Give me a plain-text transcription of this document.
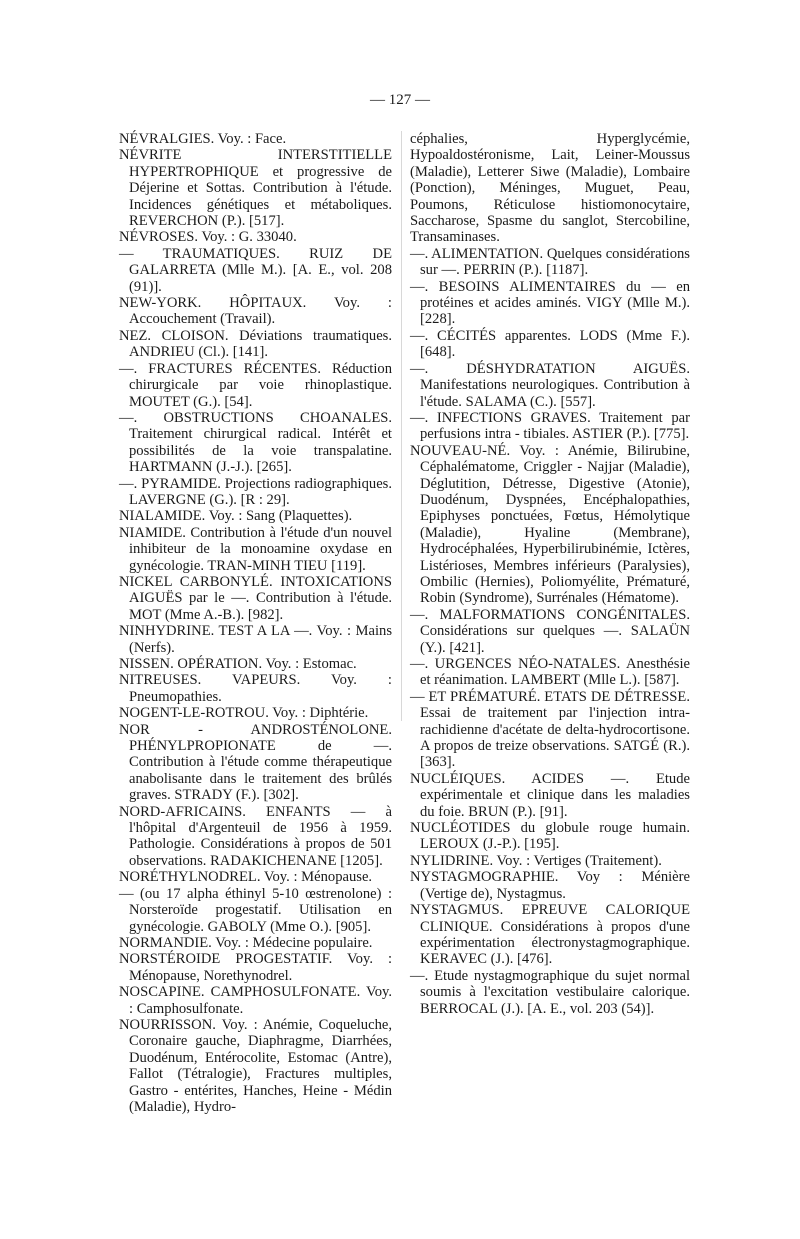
— 127 —

NÉVRALGIES. Voy. : Face.

NÉVRITE INTERSTITIELLE HYPERTROPHIQUE et progressive de Déjerine et Sottas. Contribution à l'étude. Incidences génétiques et métaboliques. REVERCHON (P.). [517].

NÉVROSES. Voy. : G. 33040.

— TRAUMATIQUES. RUIZ DE GALARRETA (Mlle M.). [A. E., vol. 208 (91)].

NEW-YORK. HÔPITAUX. Voy. : Accouchement (Travail).

NEZ. CLOISON. Déviations traumatiques. ANDRIEU (Cl.). [141].

—. FRACTURES RÉCENTES. Réduction chirurgicale par voie rhinoplastique. MOUTET (G.). [54].

—. OBSTRUCTIONS CHOANALES. Traitement chirurgical radical. Intérêt et possibilités de la voie transpalatine. HARTMANN (J.-J.). [265].

—. PYRAMIDE. Projections radiographiques. LAVERGNE (G.). [R : 29].

NIALAMIDE. Voy. : Sang (Plaquettes).

NIAMIDE. Contribution à l'étude d'un nouvel inhibiteur de la monoamine oxydase en gynécologie. TRAN-MINH TIEU [119].

NICKEL CARBONYLÉ. INTOXICATIONS AIGUËS par le —. Contribution à l'étude. MOT (Mme A.-B.). [982].

NINHYDRINE. TEST A LA —. Voy. : Mains (Nerfs).

NISSEN. OPÉRATION. Voy. : Estomac.

NITREUSES. VAPEURS. Voy. : Pneumopathies.

NOGENT-LE-ROTROU. Voy. : Diphtérie.

NOR - ANDROSTÉNOLONE. PHÉNYLPROPIONATE de —. Contribution à l'étude comme thérapeutique anabolisante dans le traitement des brûlés graves. STRADY (F.). [302].

NORD-AFRICAINS. ENFANTS — à l'hôpital d'Argenteuil de 1956 à 1959. Pathologie. Considérations à propos de 501 observations. RADAKICHENANE [1205].

NORÉTHYLNODREL. Voy. : Ménopause.

— (ou 17 alpha éthinyl 5-10 œstrenolone) : Norsteroïde progestatif. Utilisation en gynécologie. GABOLY (Mme O.). [905].

NORMANDIE. Voy. : Médecine populaire.

NORSTÉROIDE PROGESTATIF. Voy. : Ménopause, Norethynodrel.

NOSCAPINE. CAMPHOSULFONATE. Voy. : Camphosulfonate.

NOURRISSON. Voy. : Anémie, Coqueluche, Coronaire gauche, Diaphragme, Diarrhées, Duodénum, Entérocolite, Estomac (Antre), Fallot (Tétralogie), Fractures multiples, Gastro - entérites, Hanches, Heine - Médin (Maladie), Hydro-

céphalies, Hyperglycémie, Hypoaldostéronisme, Lait, Leiner-Moussus (Maladie), Letterer Siwe (Maladie), Lombaire (Ponction), Méninges, Muguet, Peau, Poumons, Réticulose histiomonocytaire, Saccharose, Spasme du sanglot, Stercobiline, Transaminases.

—. ALIMENTATION. Quelques considérations sur —. PERRIN (P.). [1187].

—. BESOINS ALIMENTAIRES du — en protéines et acides aminés. VIGY (Mlle M.). [228].

—. CÉCITÉS apparentes. LODS (Mme F.). [648].

—. DÉSHYDRATATION AIGUËS. Manifestations neurologiques. Contribution à l'étude. SALAMA (C.). [557].

—. INFECTIONS GRAVES. Traitement par perfusions intra - tibiales. ASTIER (P.). [775].

NOUVEAU-NÉ. Voy. : Anémie, Bilirubine, Céphalématome, Criggler - Najjar (Maladie), Déglutition, Détresse, Digestive (Atonie), Duodénum, Dyspnées, Encéphalopathies, Epiphyses ponctuées, Fœtus, Hémolytique (Maladie), Hyaline (Membrane), Hydrocéphalées, Hyperbilirubinémie, Ictères, Listérioses, Membres inférieurs (Paralysies), Ombilic (Hernies), Poliomyélite, Prématuré, Robin (Syndrome), Surrénales (Hématome).

—. MALFORMATIONS CONGÉNITALES. Considérations sur quelques —. SALAÜN (Y.). [421].

—. URGENCES NÉO-NATALES. Anesthésie et réanimation. LAMBERT (Mlle L.). [587].

— ET PRÉMATURÉ. ETATS DE DÉTRESSE. Essai de traitement par l'injection intra-rachidienne d'acétate de delta-hydrocortisone. A propos de treize observations. SATGÉ (R.). [363].

NUCLÉIQUES. ACIDES —. Etude expérimentale et clinique dans les maladies du foie. BRUN (P.). [91].

NUCLÉOTIDES du globule rouge humain. LEROUX (J.-P.). [195].

NYLIDRINE. Voy. : Vertiges (Traitement).

NYSTAGMOGRAPHIE. Voy : Ménière (Vertige de), Nystagmus.

NYSTAGMUS. EPREUVE CALORIQUE CLINIQUE. Considérations à propos d'une expérimentation électronystagmographique. KERAVEC (J.). [476].

—. Etude nystagmographique du sujet normal soumis à l'excitation vestibulaire calorique. BERROCAL (J.). [A. E., vol. 203 (54)].
